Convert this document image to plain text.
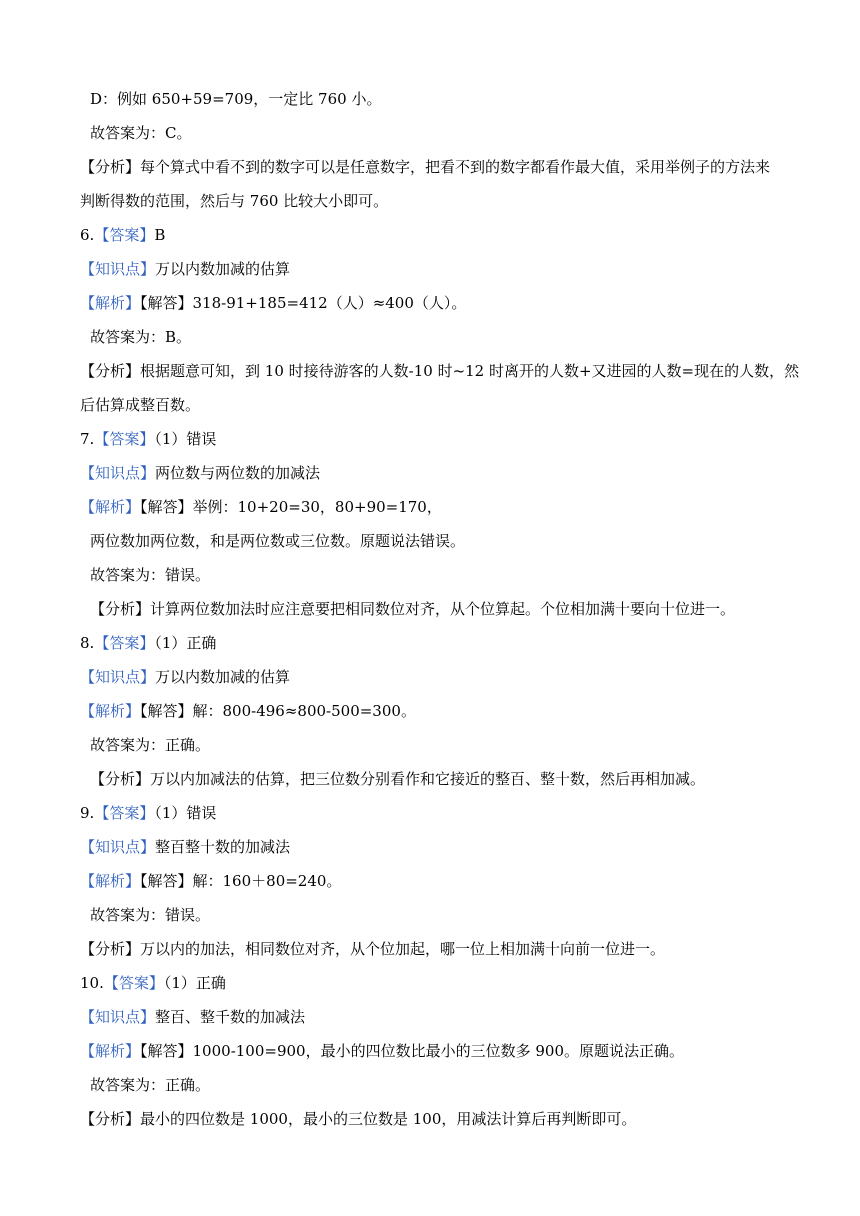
D：例如 650+59=709，一定比 760 小。
故答案为：C。
【分析】每个算式中看不到的数字可以是任意数字，把看不到的数字都看作最大值，采用举例子的方法来
判断得数的范围，然后与 760 比较大小即可。
6.【答案】B
【知识点】万以内数加减的估算
【解析】【解答】318-91+185=412（人）≈400（人）。
故答案为：B。
【分析】根据题意可知，到 10 时接待游客的人数-10 时~12 时离开的人数+又进园的人数=现在的人数，然
后估算成整百数。
7.【答案】（1）错误
【知识点】两位数与两位数的加减法
【解析】【解答】举例：10+20=30，80+90=170，
两位数加两位数，和是两位数或三位数。原题说法错误。
故答案为：错误。
【分析】计算两位数加法时应注意要把相同数位对齐，从个位算起。个位相加满十要向十位进一。
8.【答案】（1）正确
【知识点】万以内数加减的估算
【解析】【解答】解：800-496≈800-500=300。
故答案为：正确。
【分析】万以内加减法的估算，把三位数分别看作和它接近的整百、整十数，然后再相加减。
9.【答案】（1）错误
【知识点】整百整十数的加减法
【解析】【解答】解：160＋80=240。
故答案为：错误。
【分析】万以内的加法，相同数位对齐，从个位加起，哪一位上相加满十向前一位进一。
10.【答案】（1）正确
【知识点】整百、整千数的加减法
【解析】【解答】1000-100=900，最小的四位数比最小的三位数多 900。原题说法正确。
故答案为：正确。
【分析】最小的四位数是 1000，最小的三位数是 100，用减法计算后再判断即可。
